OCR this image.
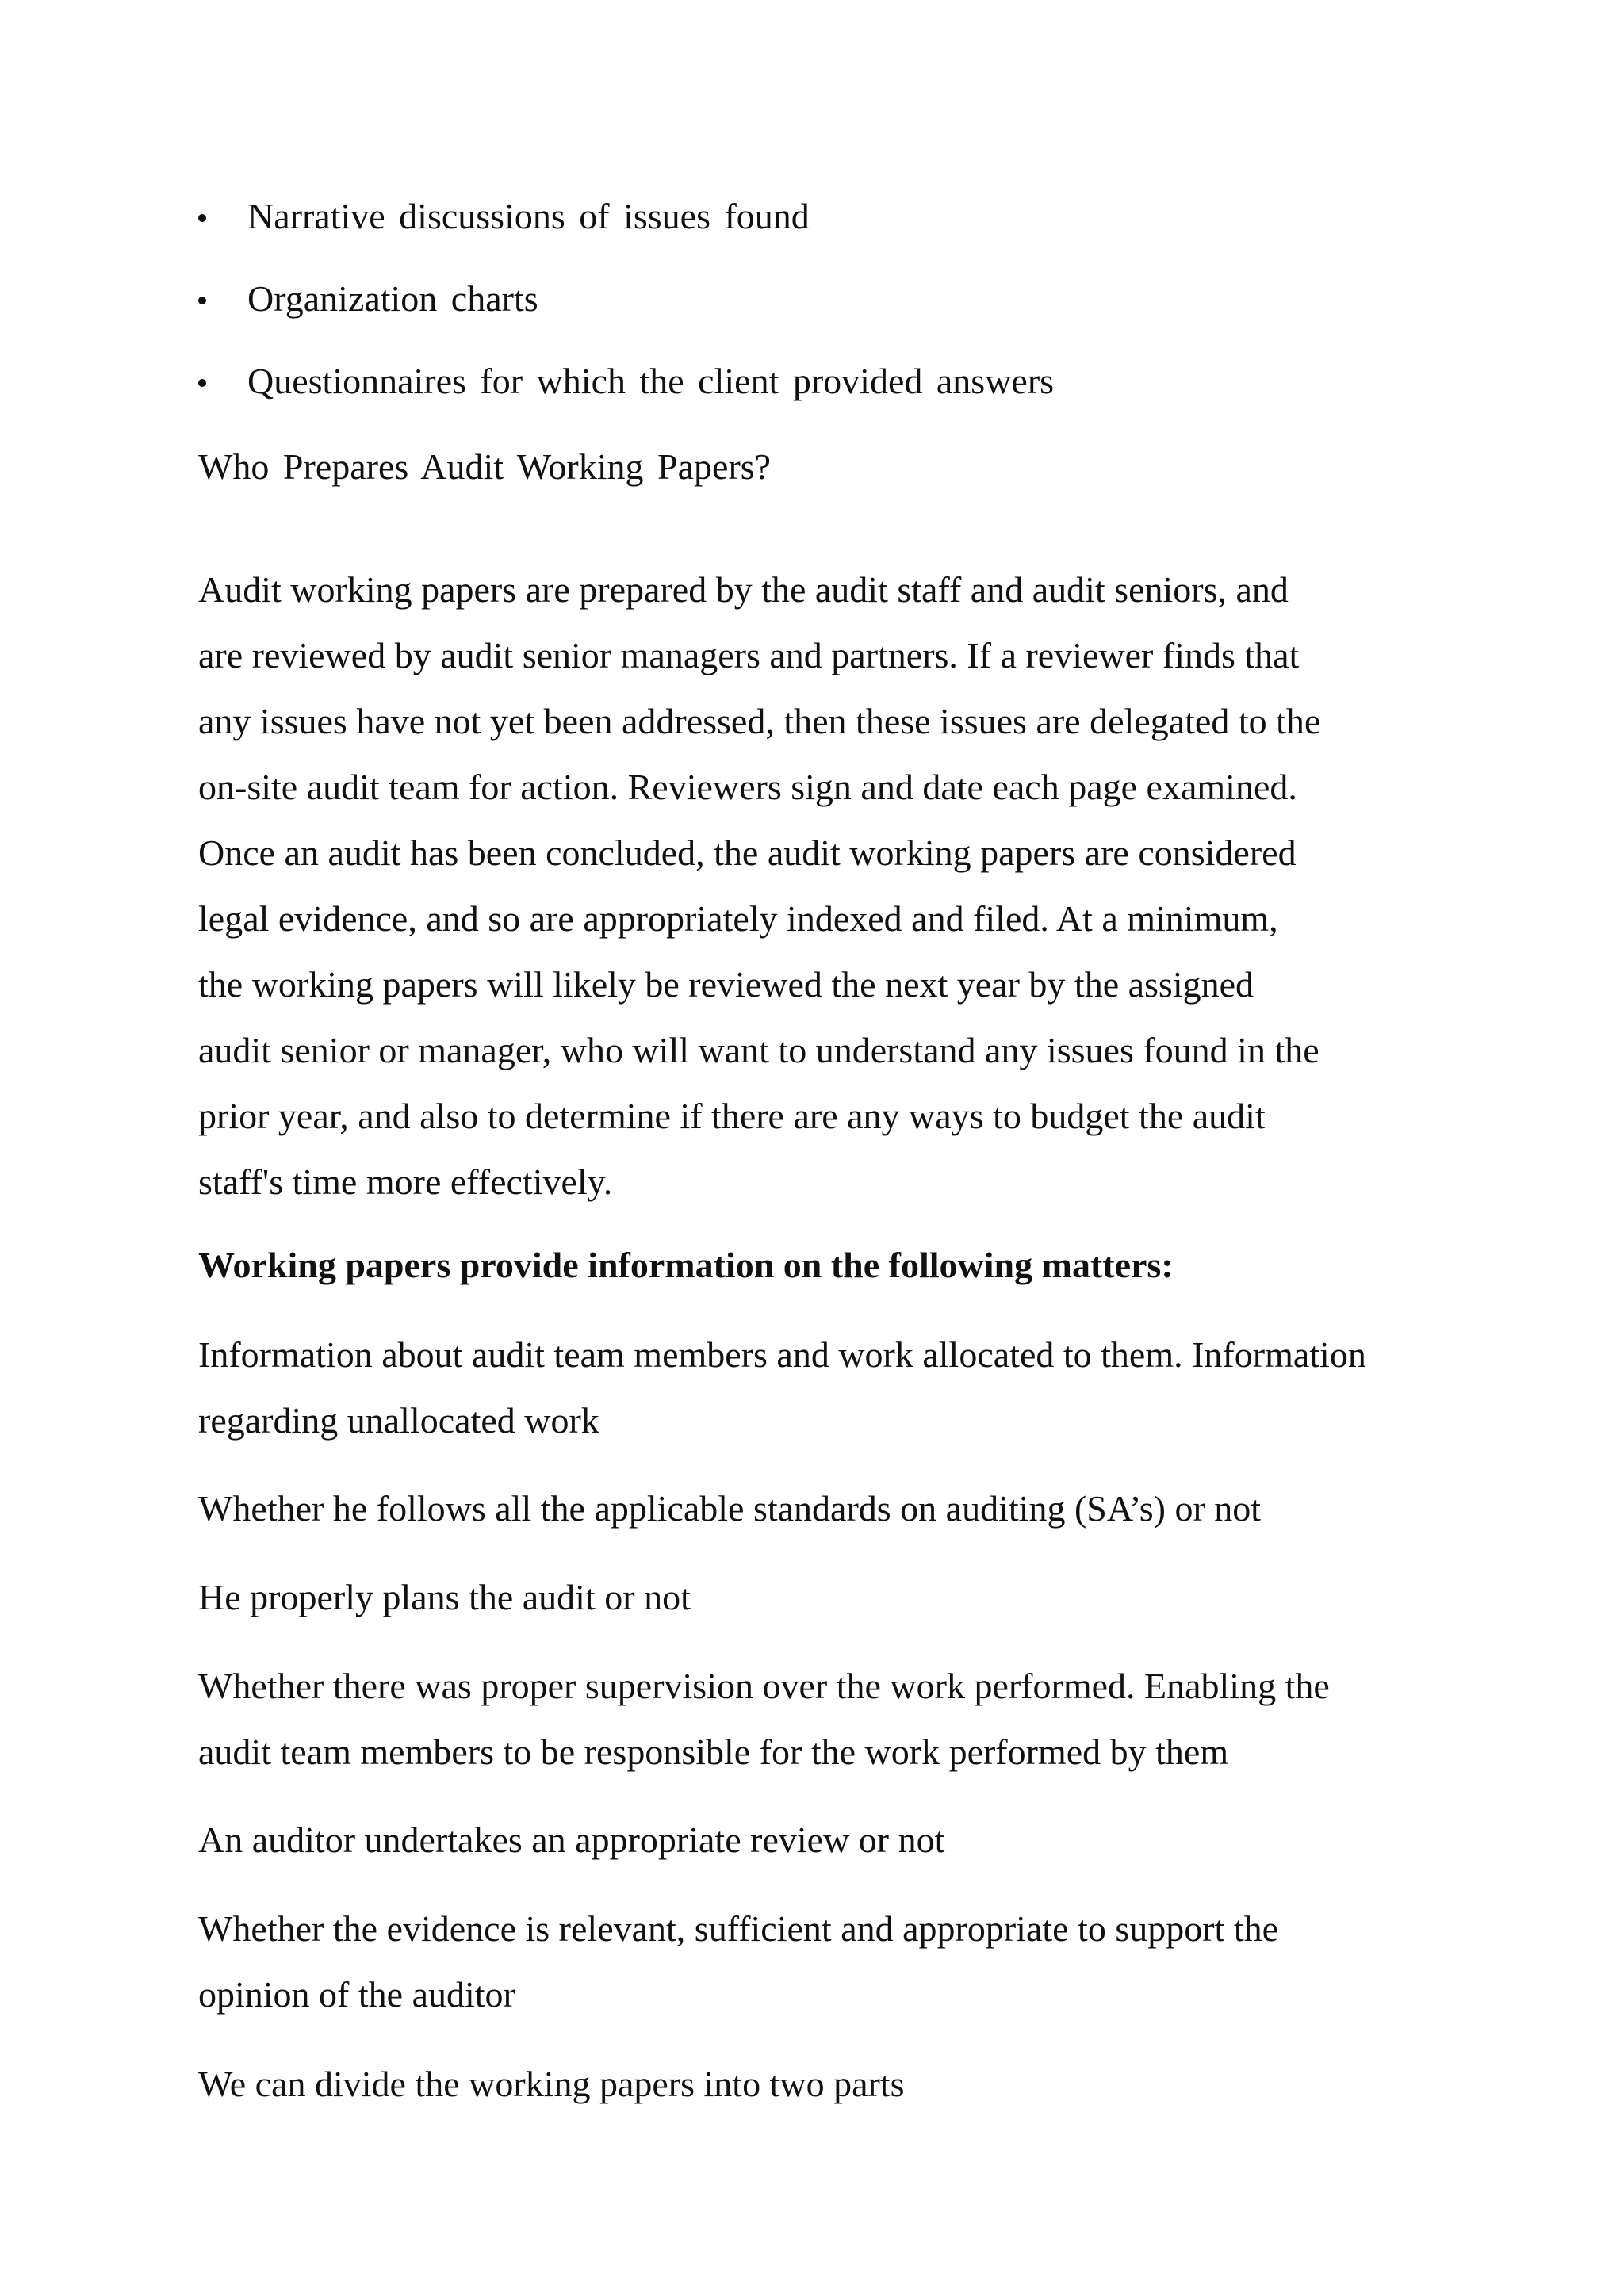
Narrative discussions of issues found
Organization charts
Questionnaires for which the client provided answers
Who Prepares Audit Working Papers?
Audit working papers are prepared by the audit staff and audit seniors, and
are reviewed by audit senior managers and partners. If a reviewer finds that
any issues have not yet been addressed, then these issues are delegated to the
on-site audit team for action. Reviewers sign and date each page examined.
Once an audit has been concluded, the audit working papers are considered
legal evidence, and so are appropriately indexed and filed. At a minimum,
the working papers will likely be reviewed the next year by the assigned
audit senior or manager, who will want to understand any issues found in the
prior year, and also to determine if there are any ways to budget the audit
staff's time more effectively.
Working papers provide information on the following matters:
Information about audit team members and work allocated to them. Information
regarding unallocated work
Whether he follows all the applicable standards on auditing (SA’s) or not
He properly plans the audit or not
Whether there was proper supervision over the work performed. Enabling the
audit team members to be responsible for the work performed by them
An auditor undertakes an appropriate review or not
Whether the evidence is relevant, sufficient and appropriate to support the
opinion of the auditor
We can divide the working papers into two parts
